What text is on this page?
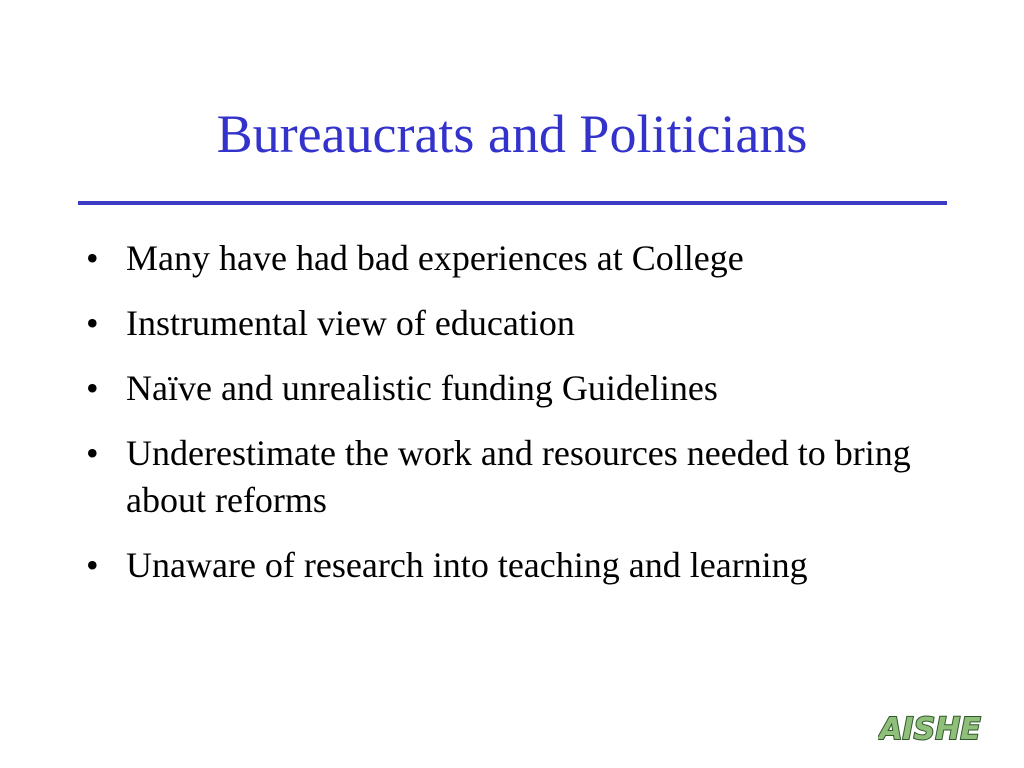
Bureaucrats and Politicians
• Many have had bad experiences at College
• Instrumental view of education
• Naïve and unrealistic funding Guidelines
• Underestimate the work and resources needed to bring about reforms
• Unaware of research into teaching and learning
AISHE
